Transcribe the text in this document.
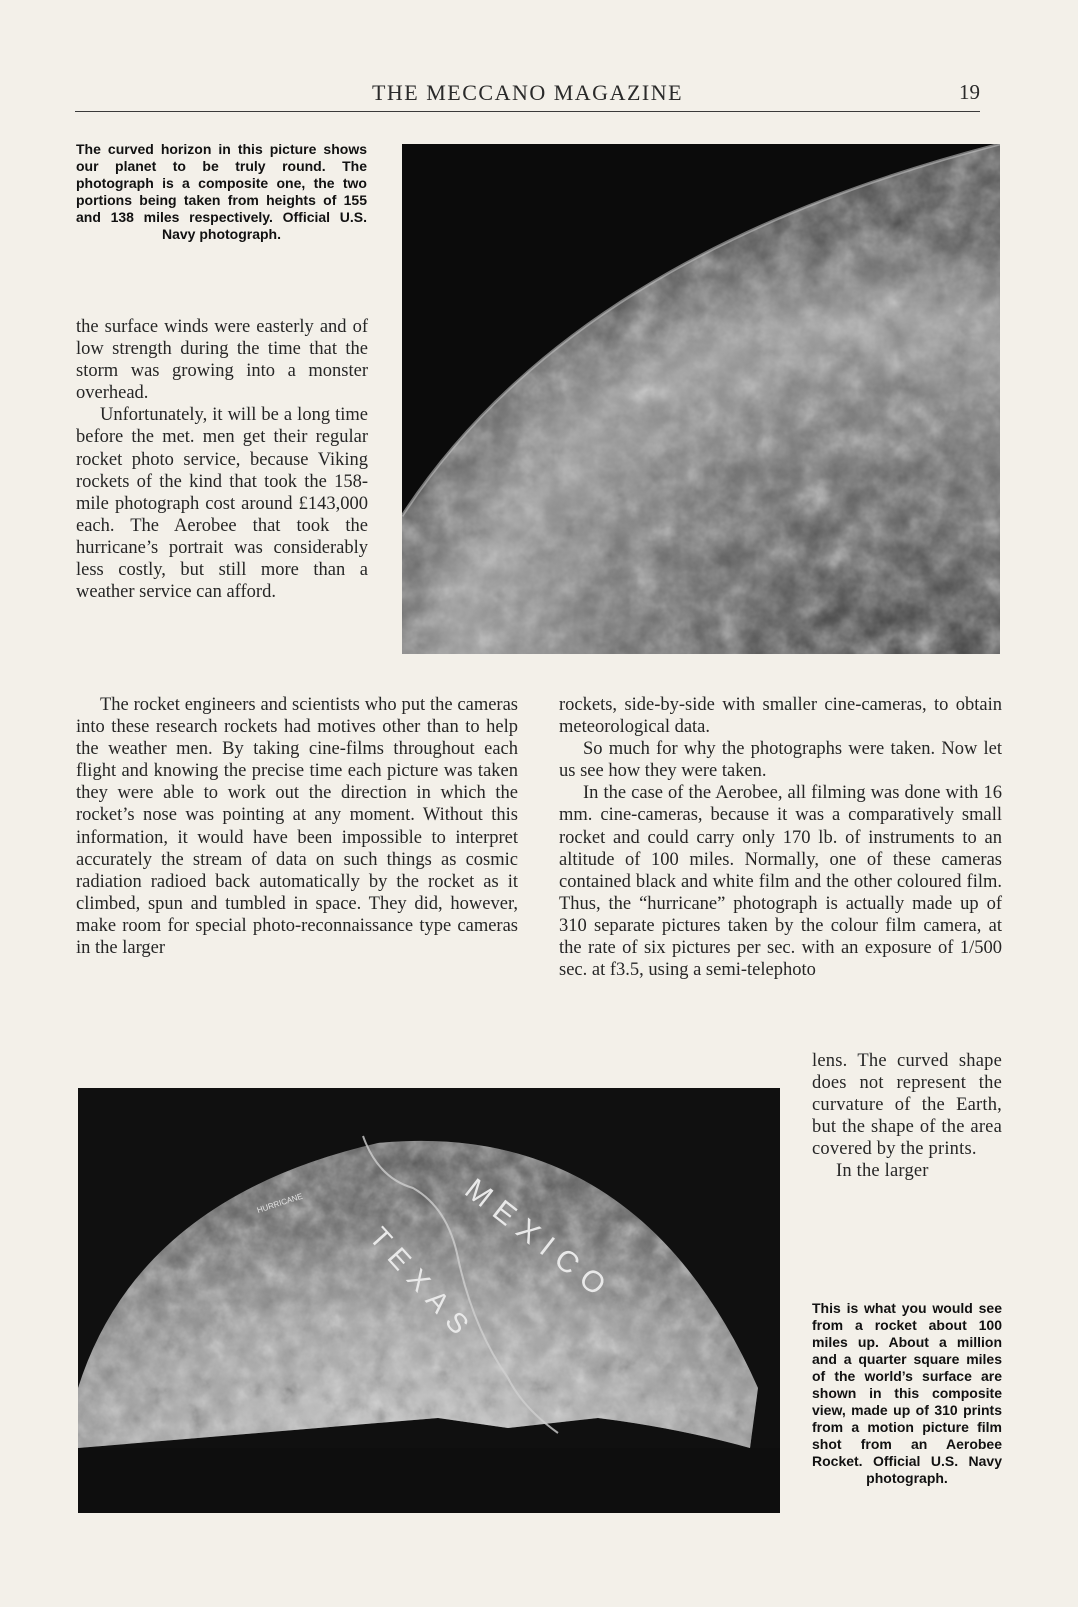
THE MECCANO MAGAZINE	19
The curved horizon in this picture shows our planet to be truly round. The photograph is a composite one, the two portions being taken from heights of 155 and 138 miles respectively. Official U.S. Navy photograph.

the surface winds were easterly and of low strength during the time that the storm was growing into a monster overhead.

Unfortunately, it will be a long time before the met. men get their regular rocket photo service, because Viking rockets of the kind that took the 158-mile photograph cost around £143,000 each. The Aerobee that took the hurricane’s portrait was considerably less costly, but still more than a weather service can afford.

The rocket engineers and scientists who put the cameras into these research rockets had motives other than to help the weather men. By taking cine-films throughout each flight and knowing the precise time each picture was taken they were able to work out the direction in which the rocket’s nose was pointing at any moment. Without this information, it would have been impossible to interpret accurately the stream of data on such things as cosmic radiation radioed back automatically by the rocket as it climbed, spun and tumbled in space. They did, however, make room for special photo-reconnaissance type cameras in the larger

rockets, side-by-side with smaller cine-cameras, to obtain meteorological data.

So much for why the photographs were taken. Now let us see how they were taken.

In the case of the Aerobee, all filming was done with 16 mm. cine-cameras, because it was a comparatively small rocket and could carry only 170 lb. of instruments to an altitude of 100 miles. Normally, one of these cameras contained black and white film and the other coloured film. Thus, the “hurricane” photograph is actually made up of 310 separate pictures taken by the colour film camera, at the rate of six pictures per sec. with an exposure of 1/500 sec. at f3.5, using a semi-telephoto

lens. The curved shape does not represent the curvature of the Earth, but the shape of the area covered by the prints.

In the larger

MEXICO
TEXAS
HURRICANE
This is what you would see from a rocket about 100 miles up. About a million and a quarter square miles of the world’s surface are shown in this composite view, made up of 310 prints from a motion picture film shot from an Aerobee Rocket. Official U.S. Navy photograph.
